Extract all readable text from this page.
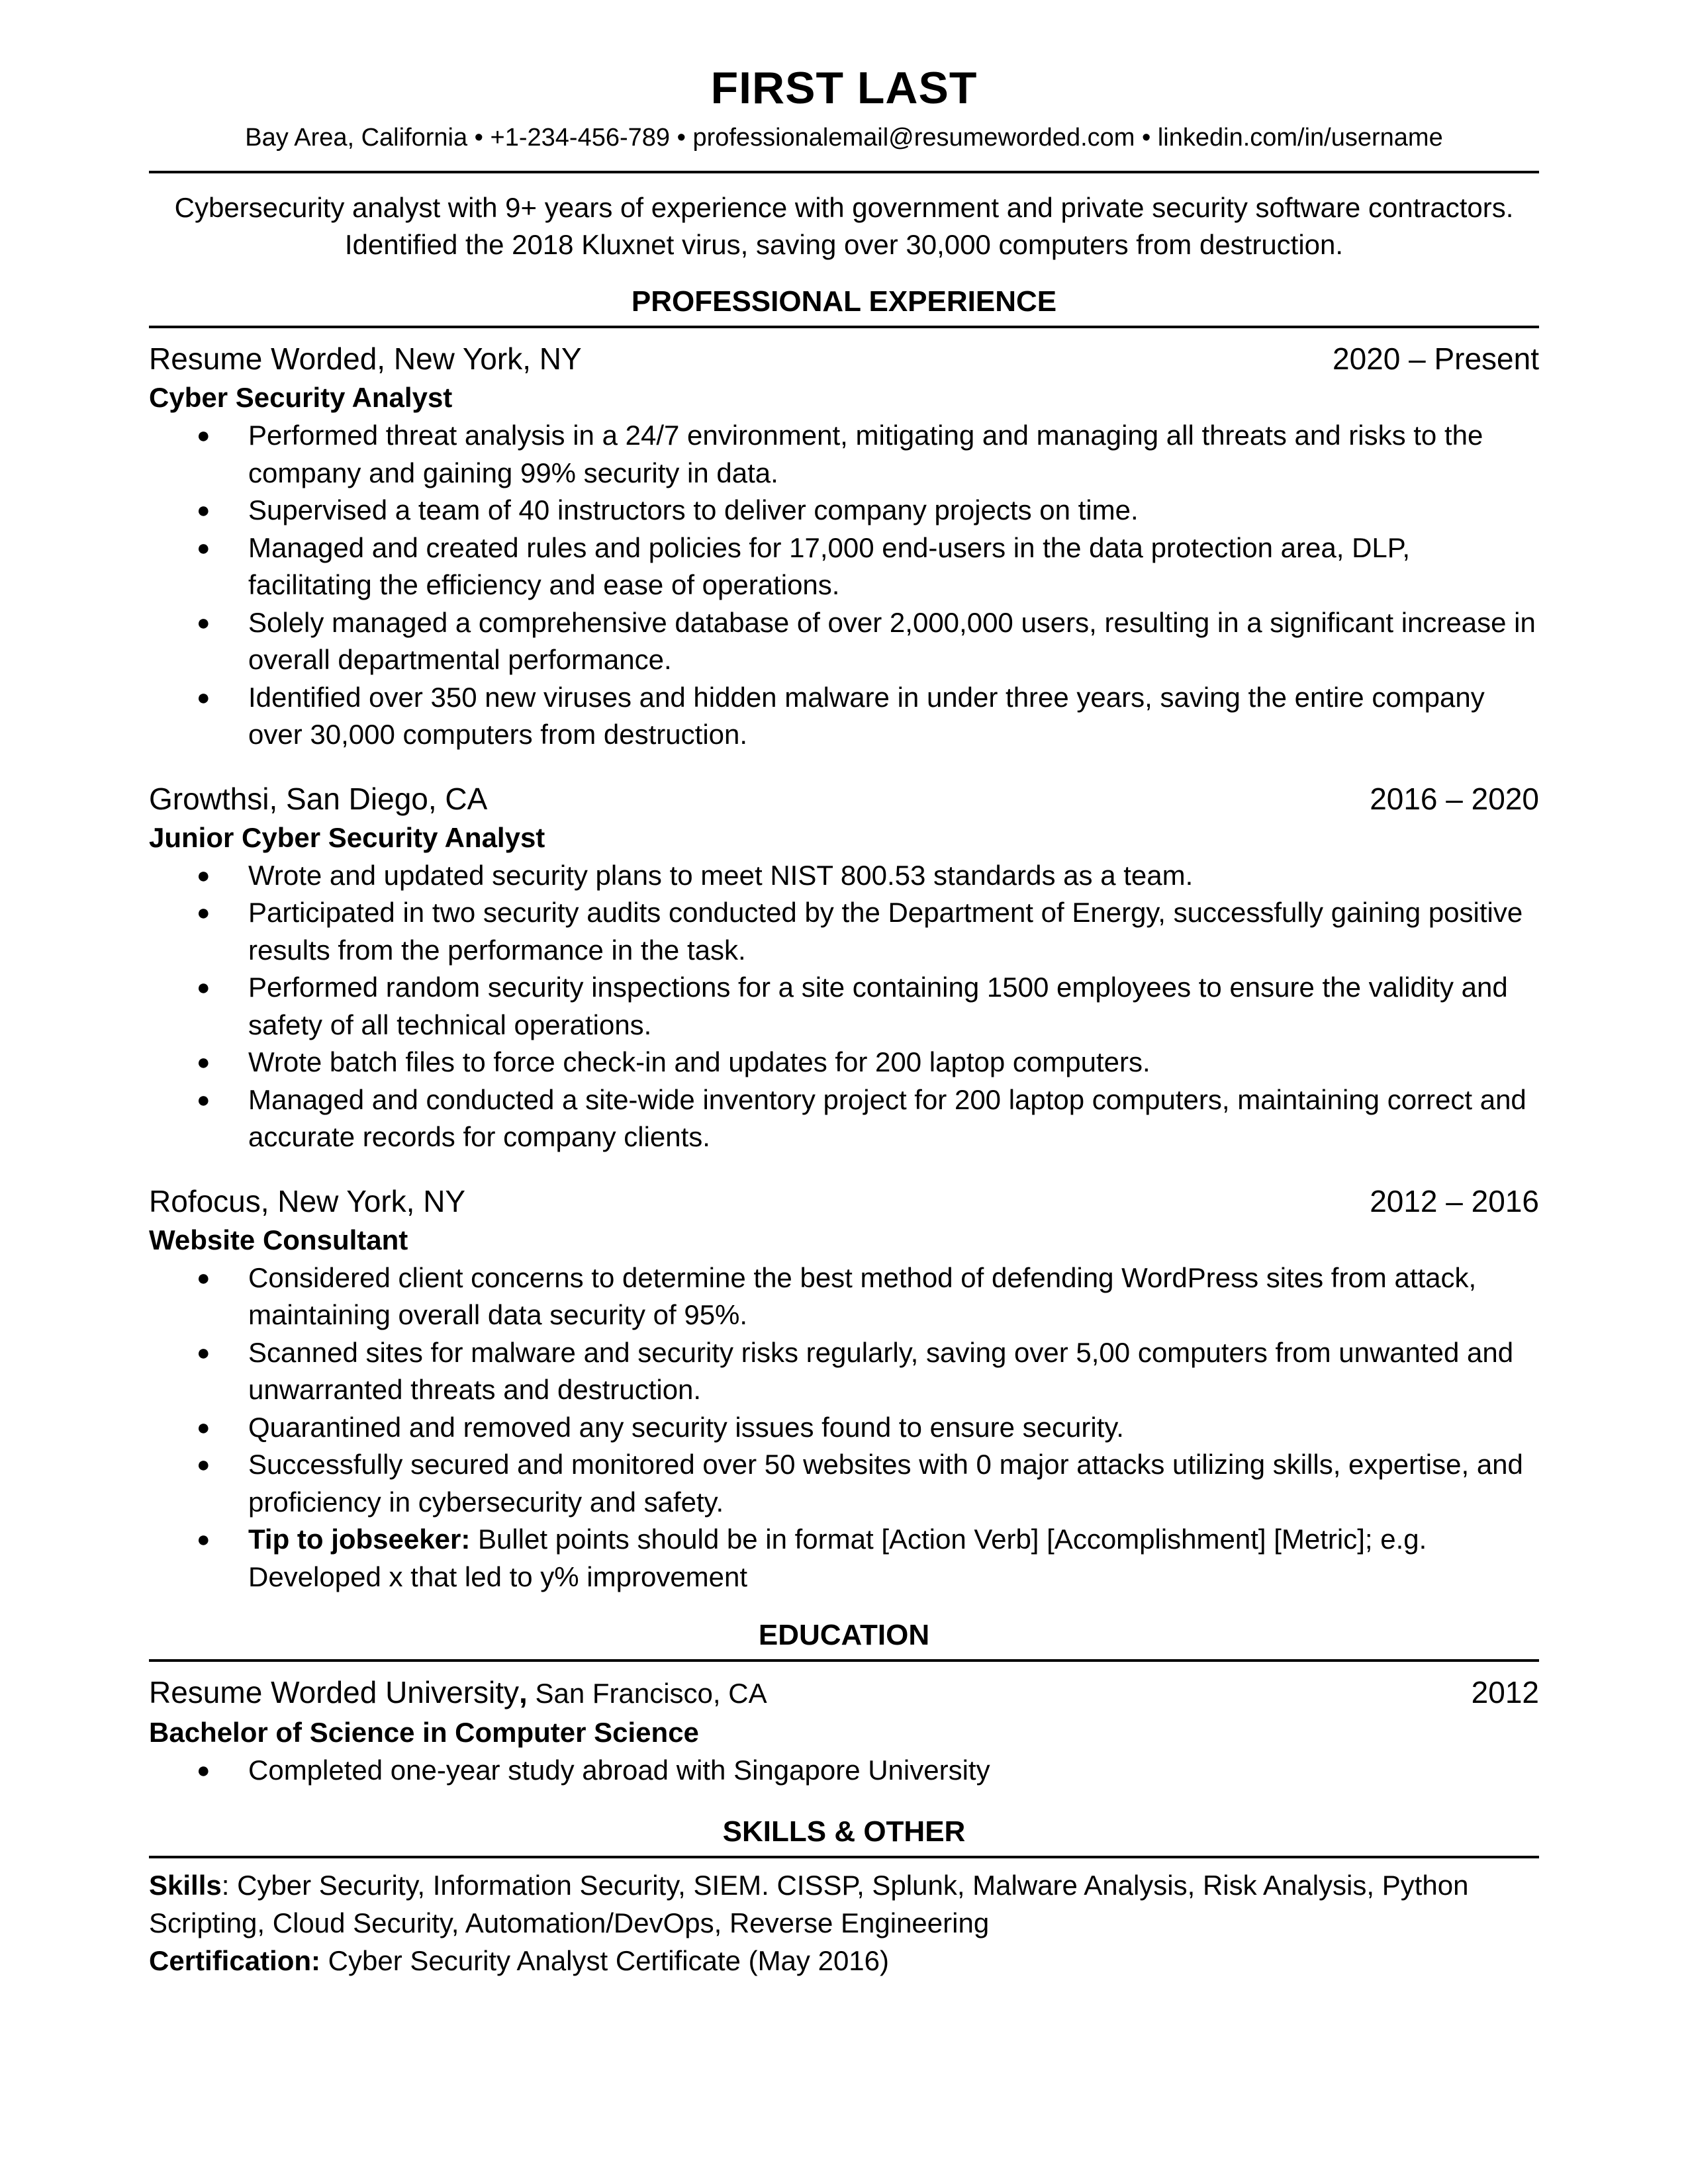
FIRST LAST
Bay Area, California • +1-234-456-789 • professionalemail@resumeworded.com • linkedin.com/in/username
Cybersecurity analyst with 9+ years of experience with government and private security software contractors. Identified the 2018 Kluxnet virus, saving over 30,000 computers from destruction.
PROFESSIONAL EXPERIENCE
Resume Worded, New York, NY	2020 – Present
Cyber Security Analyst
● Performed threat analysis in a 24/7 environment, mitigating and managing all threats and risks to the company and gaining 99% security in data.
● Supervised a team of 40 instructors to deliver company projects on time.
● Managed and created rules and policies for 17,000 end-users in the data protection area, DLP, facilitating the efficiency and ease of operations.
● Solely managed a comprehensive database of over 2,000,000 users, resulting in a significant increase in overall departmental performance.
● Identified over 350 new viruses and hidden malware in under three years, saving the entire company over 30,000 computers from destruction.
Growthsi, San Diego, CA	2016 – 2020
Junior Cyber Security Analyst
● Wrote and updated security plans to meet NIST 800.53 standards as a team.
● Participated in two security audits conducted by the Department of Energy, successfully gaining positive results from the performance in the task.
● Performed random security inspections for a site containing 1500 employees to ensure the validity and safety of all technical operations.
● Wrote batch files to force check-in and updates for 200 laptop computers.
● Managed and conducted a site-wide inventory project for 200 laptop computers, maintaining correct and accurate records for company clients.
Rofocus, New York, NY	2012 – 2016
Website Consultant
● Considered client concerns to determine the best method of defending WordPress sites from attack, maintaining overall data security of 95%.
● Scanned sites for malware and security risks regularly, saving over 5,00 computers from unwanted and unwarranted threats and destruction.
● Quarantined and removed any security issues found to ensure security.
● Successfully secured and monitored over 50 websites with 0 major attacks utilizing skills, expertise, and proficiency in cybersecurity and safety.
● Tip to jobseeker: Bullet points should be in format [Action Verb] [Accomplishment] [Metric]; e.g. Developed x that led to y% improvement
EDUCATION
Resume Worded University, San Francisco, CA	2012
Bachelor of Science in Computer Science
● Completed one-year study abroad with Singapore University
SKILLS & OTHER

Skills: Cyber Security, Information Security, SIEM. CISSP, Splunk, Malware Analysis, Risk Analysis, Python Scripting, Cloud Security, Automation/DevOps, Reverse Engineering

Certification: Cyber Security Analyst Certificate (May 2016)
